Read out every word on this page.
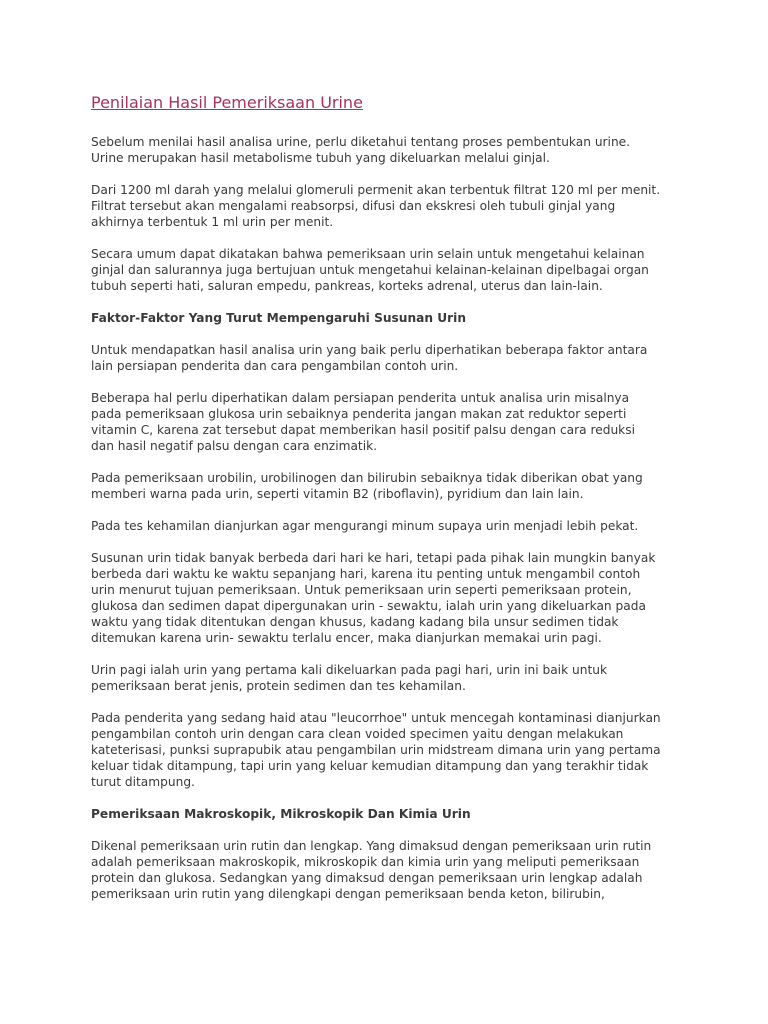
Penilaian Hasil Pemeriksaan Urine

Sebelum menilai hasil analisa urine, perlu diketahui tentang proses pembentukan urine.
Urine merupakan hasil metabolisme tubuh yang dikeluarkan melalui ginjal.

Dari 1200 ml darah yang melalui glomeruli permenit akan terbentuk filtrat 120 ml per menit.
Filtrat tersebut akan mengalami reabsorpsi, difusi dan ekskresi oleh tubuli ginjal yang
akhirnya terbentuk 1 ml urin per menit.

Secara umum dapat dikatakan bahwa pemeriksaan urin selain untuk mengetahui kelainan
ginjal dan salurannya juga bertujuan untuk mengetahui kelainan-kelainan dipelbagai organ
tubuh seperti hati, saluran empedu, pankreas, korteks adrenal, uterus dan lain-lain.

Faktor-Faktor Yang Turut Mempengaruhi Susunan Urin

Untuk mendapatkan hasil analisa urin yang baik perlu diperhatikan beberapa faktor antara
lain persiapan penderita dan cara pengambilan contoh urin.

Beberapa hal perlu diperhatikan dalam persiapan penderita untuk analisa urin misalnya
pada pemeriksaan glukosa urin sebaiknya penderita jangan makan zat reduktor seperti
vitamin C, karena zat tersebut dapat memberikan hasil positif palsu dengan cara reduksi
dan hasil negatif palsu dengan cara enzimatik.

Pada pemeriksaan urobilin, urobilinogen dan bilirubin sebaiknya tidak diberikan obat yang
memberi warna pada urin, seperti vitamin B2 (riboflavin), pyridium dan lain lain.

Pada tes kehamilan dianjurkan agar mengurangi minum supaya urin menjadi lebih pekat.

Susunan urin tidak banyak berbeda dari hari ke hari, tetapi pada pihak lain mungkin banyak
berbeda dari waktu ke waktu sepanjang hari, karena itu penting untuk mengambil contoh
urin menurut tujuan pemeriksaan. Untuk pemeriksaan urin seperti pemeriksaan protein,
glukosa dan sedimen dapat dipergunakan urin - sewaktu, ialah urin yang dikeluarkan pada
waktu yang tidak ditentukan dengan khusus, kadang kadang bila unsur sedimen tidak
ditemukan karena urin- sewaktu terlalu encer, maka dianjurkan memakai urin pagi.

Urin pagi ialah urin yang pertama kali dikeluarkan pada pagi hari, urin ini baik untuk
pemeriksaan berat jenis, protein sedimen dan tes kehamilan.

Pada penderita yang sedang haid atau "leucorrhoe" untuk mencegah kontaminasi dianjurkan
pengambilan contoh urin dengan cara clean voided specimen yaitu dengan melakukan
kateterisasi, punksi suprapubik atau pengambilan urin midstream dimana urin yang pertama
keluar tidak ditampung, tapi urin yang keluar kemudian ditampung dan yang terakhir tidak
turut ditampung.

Pemeriksaan Makroskopik, Mikroskopik Dan Kimia Urin

Dikenal pemeriksaan urin rutin dan lengkap. Yang dimaksud dengan pemeriksaan urin rutin
adalah pemeriksaan makroskopik, mikroskopik dan kimia urin yang meliputi pemeriksaan
protein dan glukosa. Sedangkan yang dimaksud dengan pemeriksaan urin lengkap adalah
pemeriksaan urin rutin yang dilengkapi dengan pemeriksaan benda keton, bilirubin,
